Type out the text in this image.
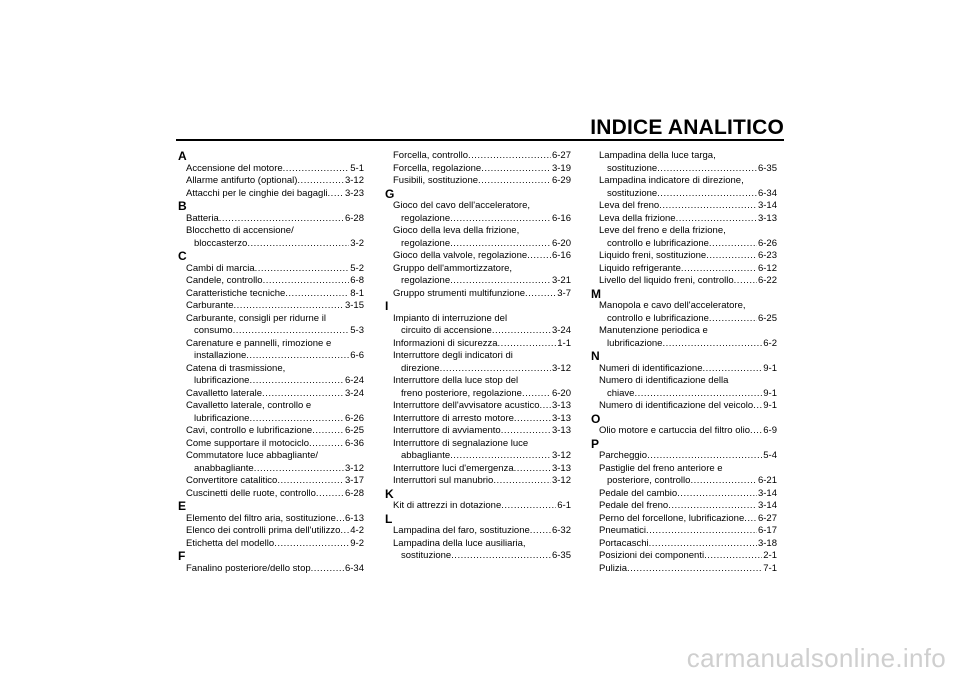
INDICE ANALITICO
A
Accensione del motore .....	5-1
Allarme antifurto (optional) .....	3-12
Attacchi per le cinghie dei bagagli ..... 3-23
B
Batteria .....	6-28
Blocchetto di accensione/
bloccasterzo .....	3-2
C
Cambi di marcia .....	5-2
Candele, controllo .....	6-8
Caratteristiche tecniche .....	8-1
Carburante .....	3-15
Carburante, consigli per ridurne il
consumo .....	5-3
Carenature e pannelli, rimozione e
installazione .....	6-6
Catena di trasmissione,
lubrificazione .....	6-24
Cavalletto laterale .....	3-24
Cavalletto laterale, controllo e
lubrificazione .....	6-26
Cavi, controllo e lubrificazione .....	6-25
Come supportare il motociclo .....	6-36
Commutatore luce abbagliante/
anabbagliante .....	3-12
Convertitore catalitico .....	3-17
Cuscinetti delle ruote, controllo .....	6-28
E
Elemento del filtro aria, sostituzione ..... 6-13
Elenco dei controlli prima dell'utilizzo ..... 4-2
Etichetta del modello .....	9-2
F
Fanalino posteriore/dello stop .....	6-34
Forcella, controllo .....	6-27
Forcella, regolazione .....	3-19
Fusibili, sostituzione .....	6-29
G
Gioco del cavo dell'acceleratore,
regolazione .....	6-16
Gioco della leva della frizione,
regolazione .....	6-20
Gioco della valvole, regolazione .....	6-16
Gruppo dell'ammortizzatore,
regolazione .....	3-21
Gruppo strumenti multifunzione .....	3-7
I
Impianto di interruzione del
circuito di accensione .....	3-24
Informazioni di sicurezza .....	1-1
Interruttore degli indicatori di
direzione .....	3-12
Interruttore della luce stop del
freno posteriore, regolazione .....	6-20
Interruttore dell'avvisatore acustico ..... 3-13
Interruttore di arresto motore .....	3-13
Interruttore di avviamento .....	3-13
Interruttore di segnalazione luce
abbagliante .....	3-12
Interruttore luci d'emergenza .....	3-13
Interruttori sul manubrio .....	3-12
K
Kit di attrezzi in dotazione .....	6-1
L
Lampadina del faro, sostituzione ..... 6-32
Lampadina della luce ausiliaria,
sostituzione .....	6-35
Lampadina della luce targa,
sostituzione .....	6-35
Lampadina indicatore di direzione,
sostituzione .....	6-34
Leva del freno .....	3-14
Leva della frizione .....	3-13
Leve del freno e della frizione,
controllo e lubrificazione .....	6-26
Liquido freni, sostituzione .....	6-23
Liquido refrigerante .....	6-12
Livello del liquido freni, controllo .....	6-22
M
Manopola e cavo dell'acceleratore,
controllo e lubrificazione .....	6-25
Manutenzione periodica e
lubrificazione .....	6-2
N
Numeri di identificazione .....	9-1
Numero di identificazione della
chiave .....	9-1
Numero di identificazione del veicolo ..... 9-1
O
Olio motore e cartuccia del filtro olio ..... 6-9
P
Parcheggio .....	5-4
Pastiglie del freno anteriore e
posteriore, controllo .....	6-21
Pedale del cambio .....	3-14
Pedale del freno .....	3-14
Perno del forcellone, lubrificazione ..... 6-27
Pneumatici .....	6-17
Portacaschi .....	3-18
Posizioni dei componenti .....	2-1
Pulizia .....	7-1
carmanualsonline.info
